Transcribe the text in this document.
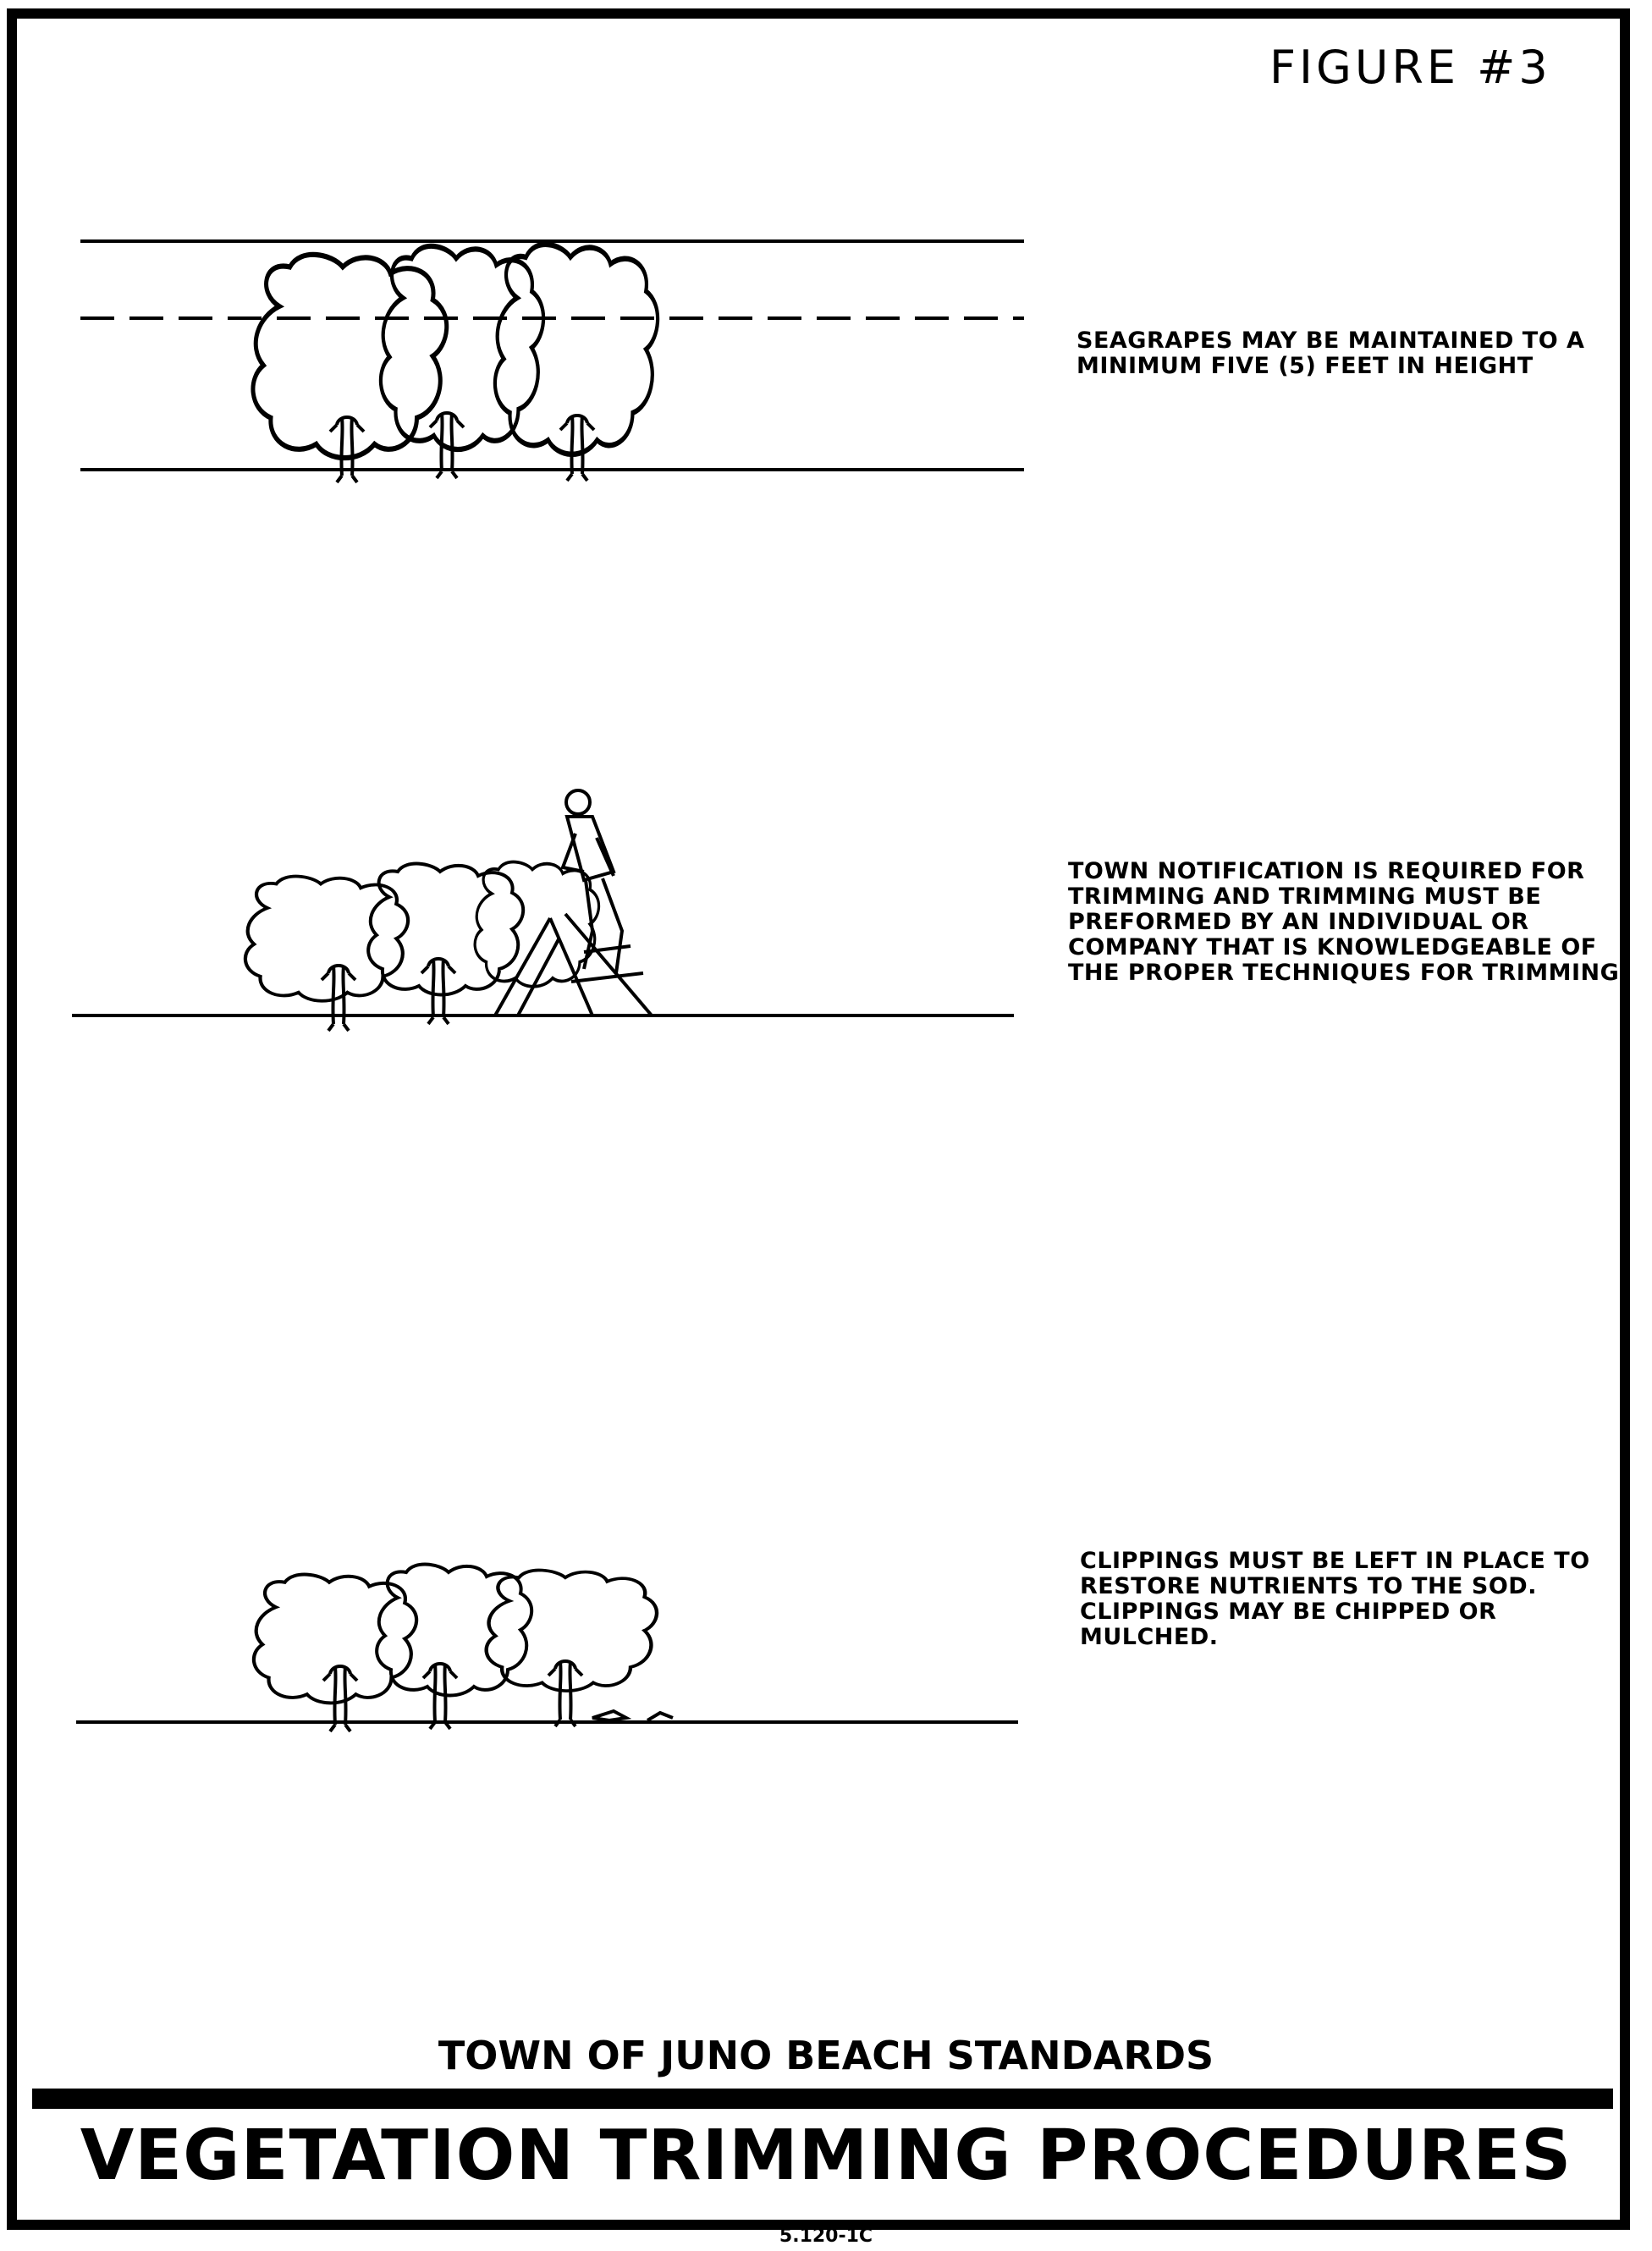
FIGURE #3
SEAGRAPES MAY BE MAINTAINED TO A
MINIMUM FIVE (5) FEET IN HEIGHT
TOWN NOTIFICATION IS REQUIRED FOR
TRIMMING AND TRIMMING MUST BE
PREFORMED BY AN INDIVIDUAL OR
COMPANY THAT IS KNOWLEDGEABLE OF
THE PROPER TECHNIQUES FOR TRIMMING.
CLIPPINGS MUST BE LEFT IN PLACE TO
RESTORE NUTRIENTS TO THE SOD.
CLIPPINGS MAY BE CHIPPED OR
MULCHED.
TOWN OF JUNO BEACH STANDARDS
VEGETATION TRIMMING PROCEDURES
5.120-1C
